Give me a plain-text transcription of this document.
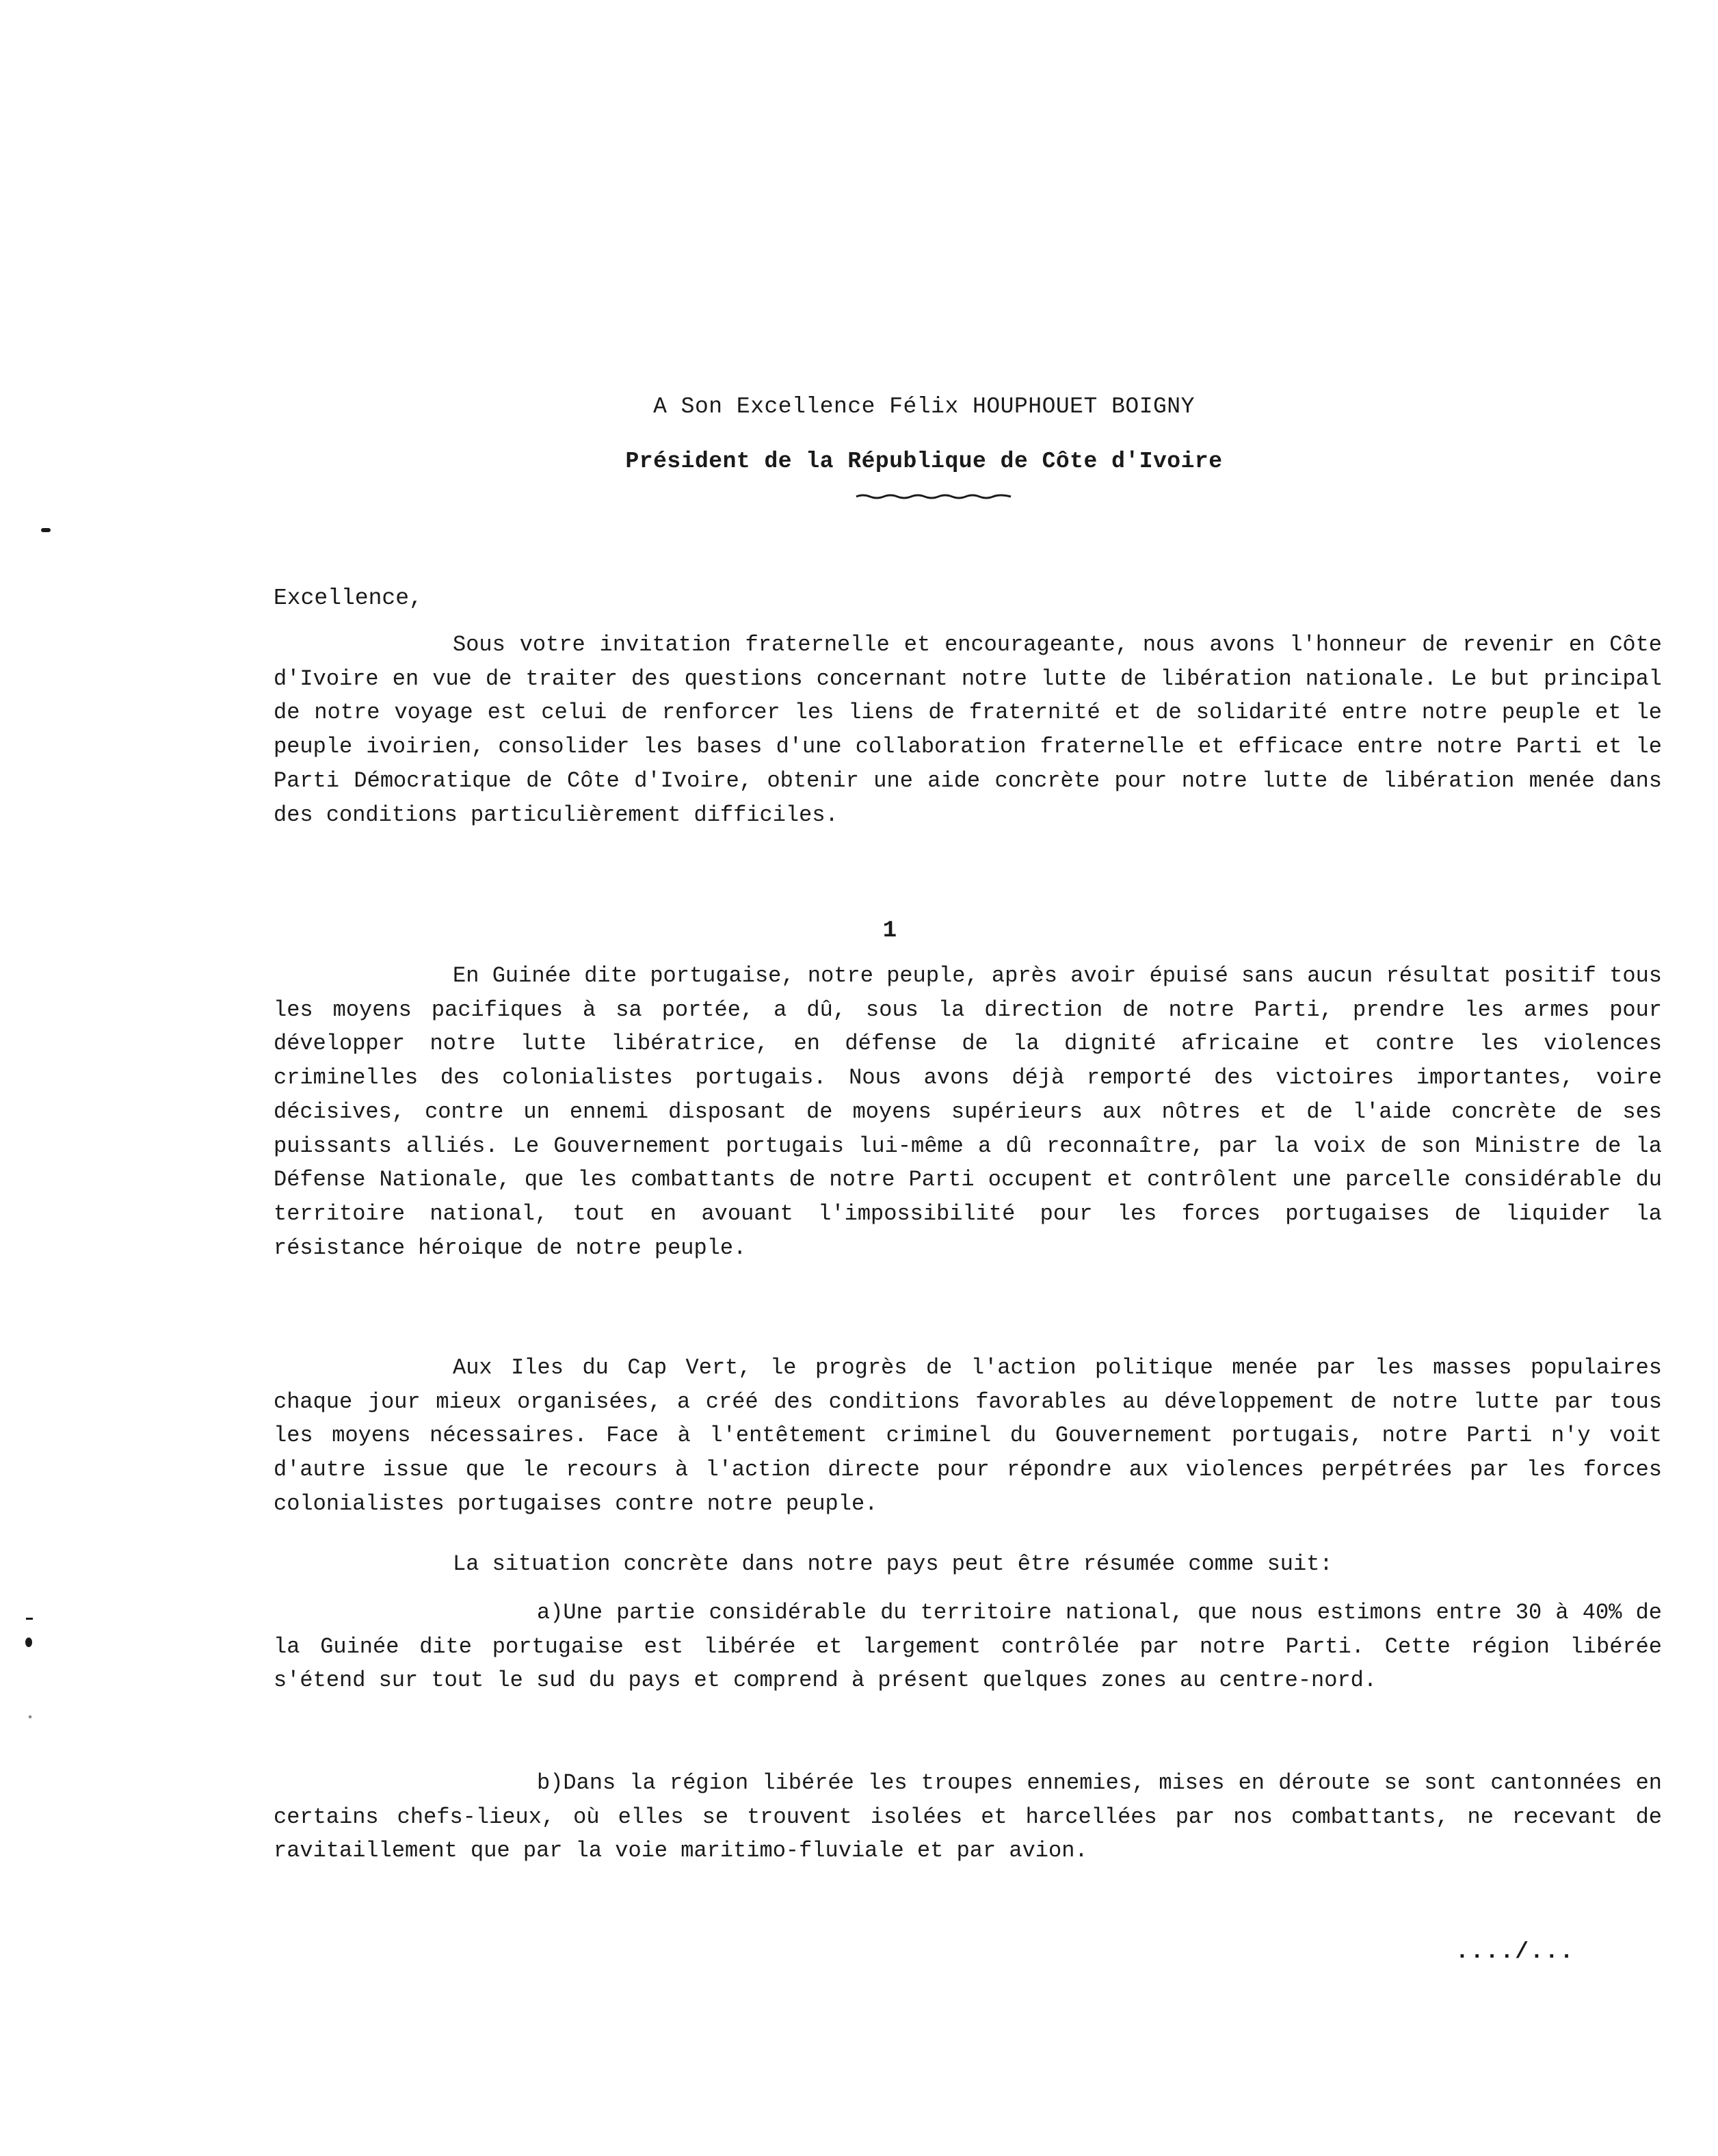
A Son Excellence Félix HOUPHOUET BOIGNY
Président de la République de Côte d'Ivoire
Excellence,

Sous votre invitation fraternelle et encourageante, nous avons l'honneur de revenir en Côte d'Ivoire en vue de traiter des questions concernant notre lutte de libération nationale. Le but principal de notre voyage est celui de renforcer les liens de fraternité et de solidarité entre notre peuple et le peuple ivoirien, consolider les bases d'une collaboration fraternelle et efficace entre notre Parti et le Parti Démocratique de Côte d'Ivoire, obtenir une aide concrète pour notre lutte de libération menée dans des conditions particulièrement difficiles.

1

En Guinée dite portugaise, notre peuple, après avoir épuisé sans aucun résultat positif tous les moyens pacifiques à sa portée, a dû, sous la direction de notre Parti, prendre les armes pour développer notre lutte libératrice, en défense de la dignité africaine et contre les violences criminelles des colonialistes portugais. Nous avons déjà remporté des victoires importantes, voire décisives, contre un ennemi disposant de moyens supérieurs aux nôtres et de l'aide concrète de ses puissants alliés. Le Gouvernement portugais lui-même a dû reconnaître, par la voix de son Ministre de la Défense Nationale, que les combattants de notre Parti occupent et contrôlent une parcelle considérable du territoire national, tout en avouant l'impossibilité pour les forces portugaises de liquider la résistance héroique de notre peuple.

Aux Iles du Cap Vert, le progrès de l'action politique menée par les masses populaires chaque jour mieux organisées, a créé des conditions favorables au développement de notre lutte par tous les moyens nécessaires. Face à l'entêtement criminel du Gouvernement portugais, notre Parti n'y voit d'autre issue que le recours à l'action directe pour répondre aux violences perpétrées par les forces colonialistes portugaises contre notre peuple.

La situation concrète dans notre pays peut être résumée comme suit:

a)Une partie considérable du territoire national, que nous estimons entre 30 à 40% de la Guinée dite portugaise est libérée et largement contrôlée par notre Parti. Cette région libérée s'étend sur tout le sud du pays et comprend à présent quelques zones au centre-nord.

b)Dans la région libérée les troupes ennemies, mises en déroute se sont cantonnées en certains chefs-lieux, où elles se trouvent isolées et harcellées par nos combattants, ne recevant de ravitaillement que par la voie maritimo-fluviale et par avion.

..../...
